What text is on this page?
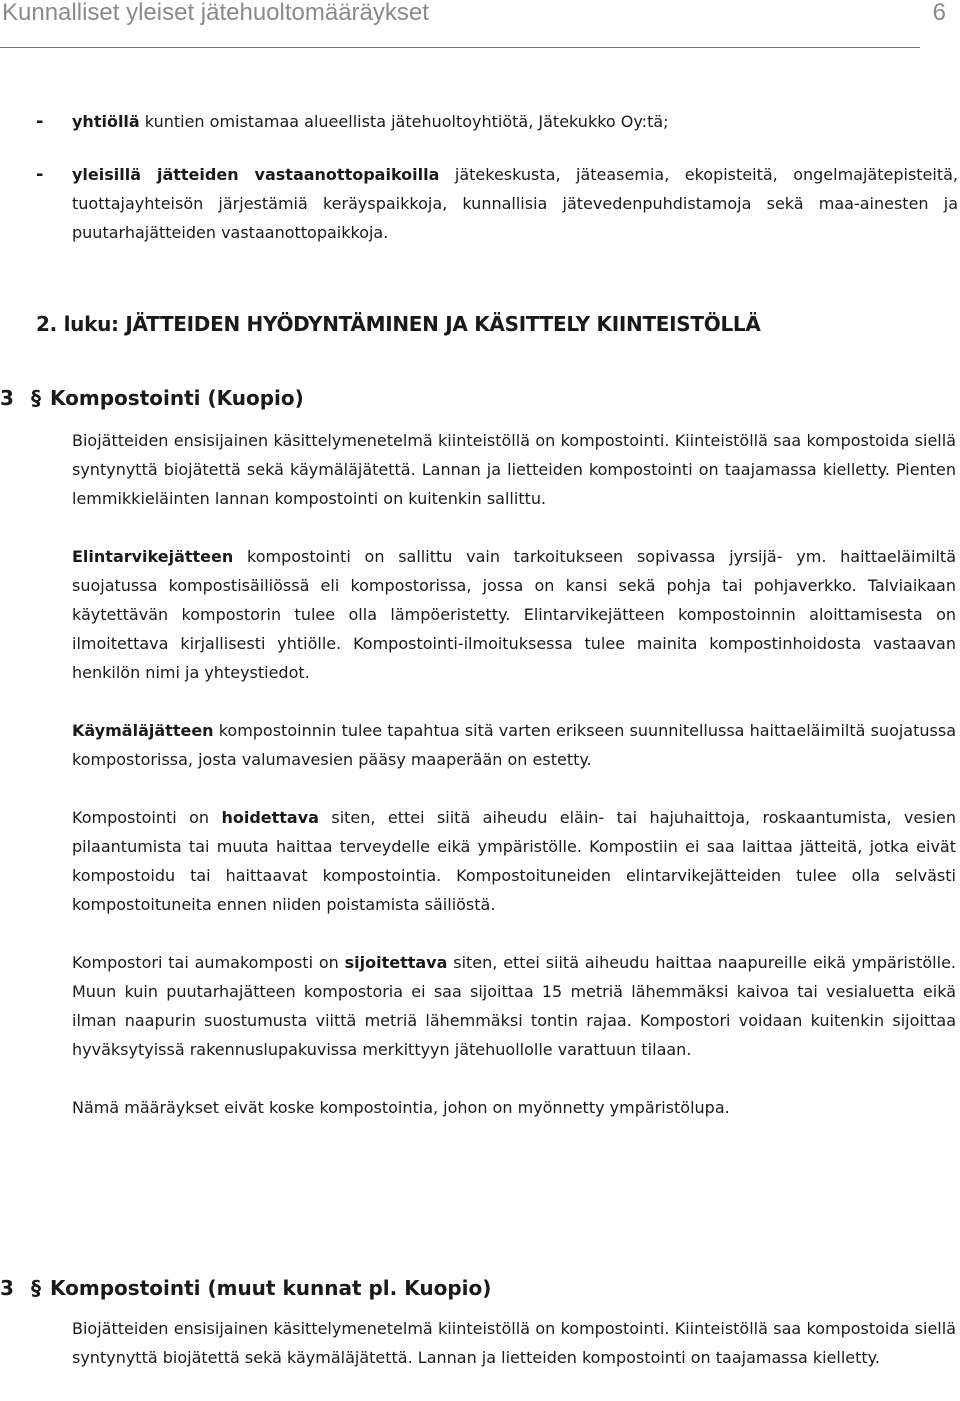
Kunnalliset yleiset jätehuoltomääräykset	6
- yhtiöllä kuntien omistamaa alueellista jätehuoltoyhtiötä, Jätekukko Oy:tä;
- yleisillä jätteiden vastaanottopaikoilla jätekeskusta, jäteasemia, ekopisteitä, ongelmajätepisteitä, tuottajayhteisön järjestämiä keräyspaikkoja, kunnallisia jätevedenpuhdistamoja sekä maa-ainesten ja puutarhajätteiden vastaanottopaikkoja.
2. luku: JÄTTEIDEN HYÖDYNTÄMINEN JA KÄSITTELY KIINTEISTÖLLÄ
3 § Kompostointi (Kuopio)

Biojätteiden ensisijainen käsittelymenetelmä kiinteistöllä on kompostointi. Kiinteistöllä saa kompostoida siellä syntynyttä biojätettä sekä käymäläjätettä. Lannan ja lietteiden kompostointi on taajamassa kielletty. Pienten lemmikkieläinten lannan kompostointi on kuitenkin sallittu.

Elintarvikejätteen kompostointi on sallittu vain tarkoitukseen sopivassa jyrsijä- ym. haittaeläimiltä suojatussa kompostisäiliössä eli kompostorissa, jossa on kansi sekä pohja tai pohjaverkko. Talviaikaan käytettävän kompostorin tulee olla lämpöeristetty. Elintarvikejätteen kompostoinnin aloittamisesta on ilmoitettava kirjallisesti yhtiölle. Kompostointi-ilmoituksessa tulee mainita kompostinhoidosta vastaavan henkilön nimi ja yhteystiedot.

Käymäläjätteen kompostoinnin tulee tapahtua sitä varten erikseen suunnitellussa haittaeläimiltä suojatussa kompostorissa, josta valumavesien pääsy maaperään on estetty.

Kompostointi on hoidettava siten, ettei siitä aiheudu eläin- tai hajuhaittoja, roskaantumista, vesien pilaantumista tai muuta haittaa terveydelle eikä ympäristölle. Kompostiin ei saa laittaa jätteitä, jotka eivät kompostoidu tai haittaavat kompostointia. Kompostoituneiden elintarvikejätteiden tulee olla selvästi kompostoituneita ennen niiden poistamista säiliöstä.

Kompostori tai aumakomposti on sijoitettava siten, ettei siitä aiheudu haittaa naapureille eikä ympäristölle. Muun kuin puutarhajätteen kompostoria ei saa sijoittaa 15 metriä lähemmäksi kaivoa tai vesialuetta eikä ilman naapurin suostumusta viittä metriä lähemmäksi tontin rajaa. Kompostori voidaan kuitenkin sijoittaa hyväksytyissä rakennuslupakuvissa merkittyyn jätehuollolle varattuun tilaan.

Nämä määräykset eivät koske kompostointia, johon on myönnetty ympäristölupa.

3 § Kompostointi (muut kunnat pl. Kuopio)

Biojätteiden ensisijainen käsittelymenetelmä kiinteistöllä on kompostointi. Kiinteistöllä saa kompostoida siellä syntynyttä biojätettä sekä käymäläjätettä. Lannan ja lietteiden kompostointi on taajamassa kielletty.
